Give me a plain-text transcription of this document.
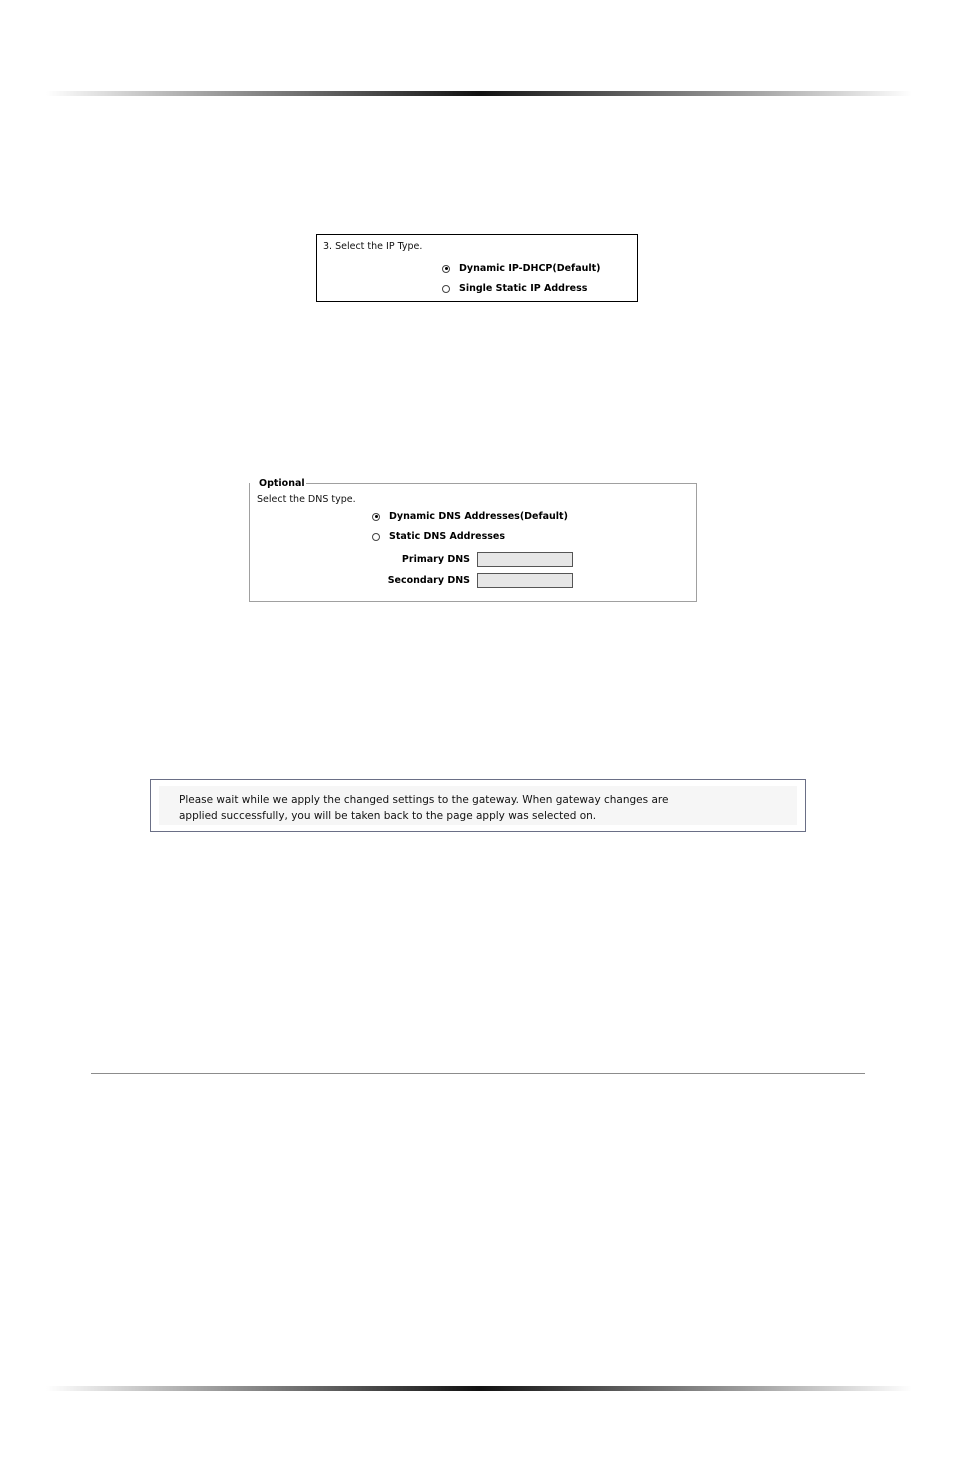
3. Select the IP Type.
Dynamic IP-DHCP(Default)
Single Static IP Address
Optional
Select the DNS type.
Dynamic DNS Addresses(Default)
Static DNS Addresses
Primary DNS
Secondary DNS
Please wait while we apply the changed settings to the gateway. When gateway changes are
applied successfully, you will be taken back to the page apply was selected on.
